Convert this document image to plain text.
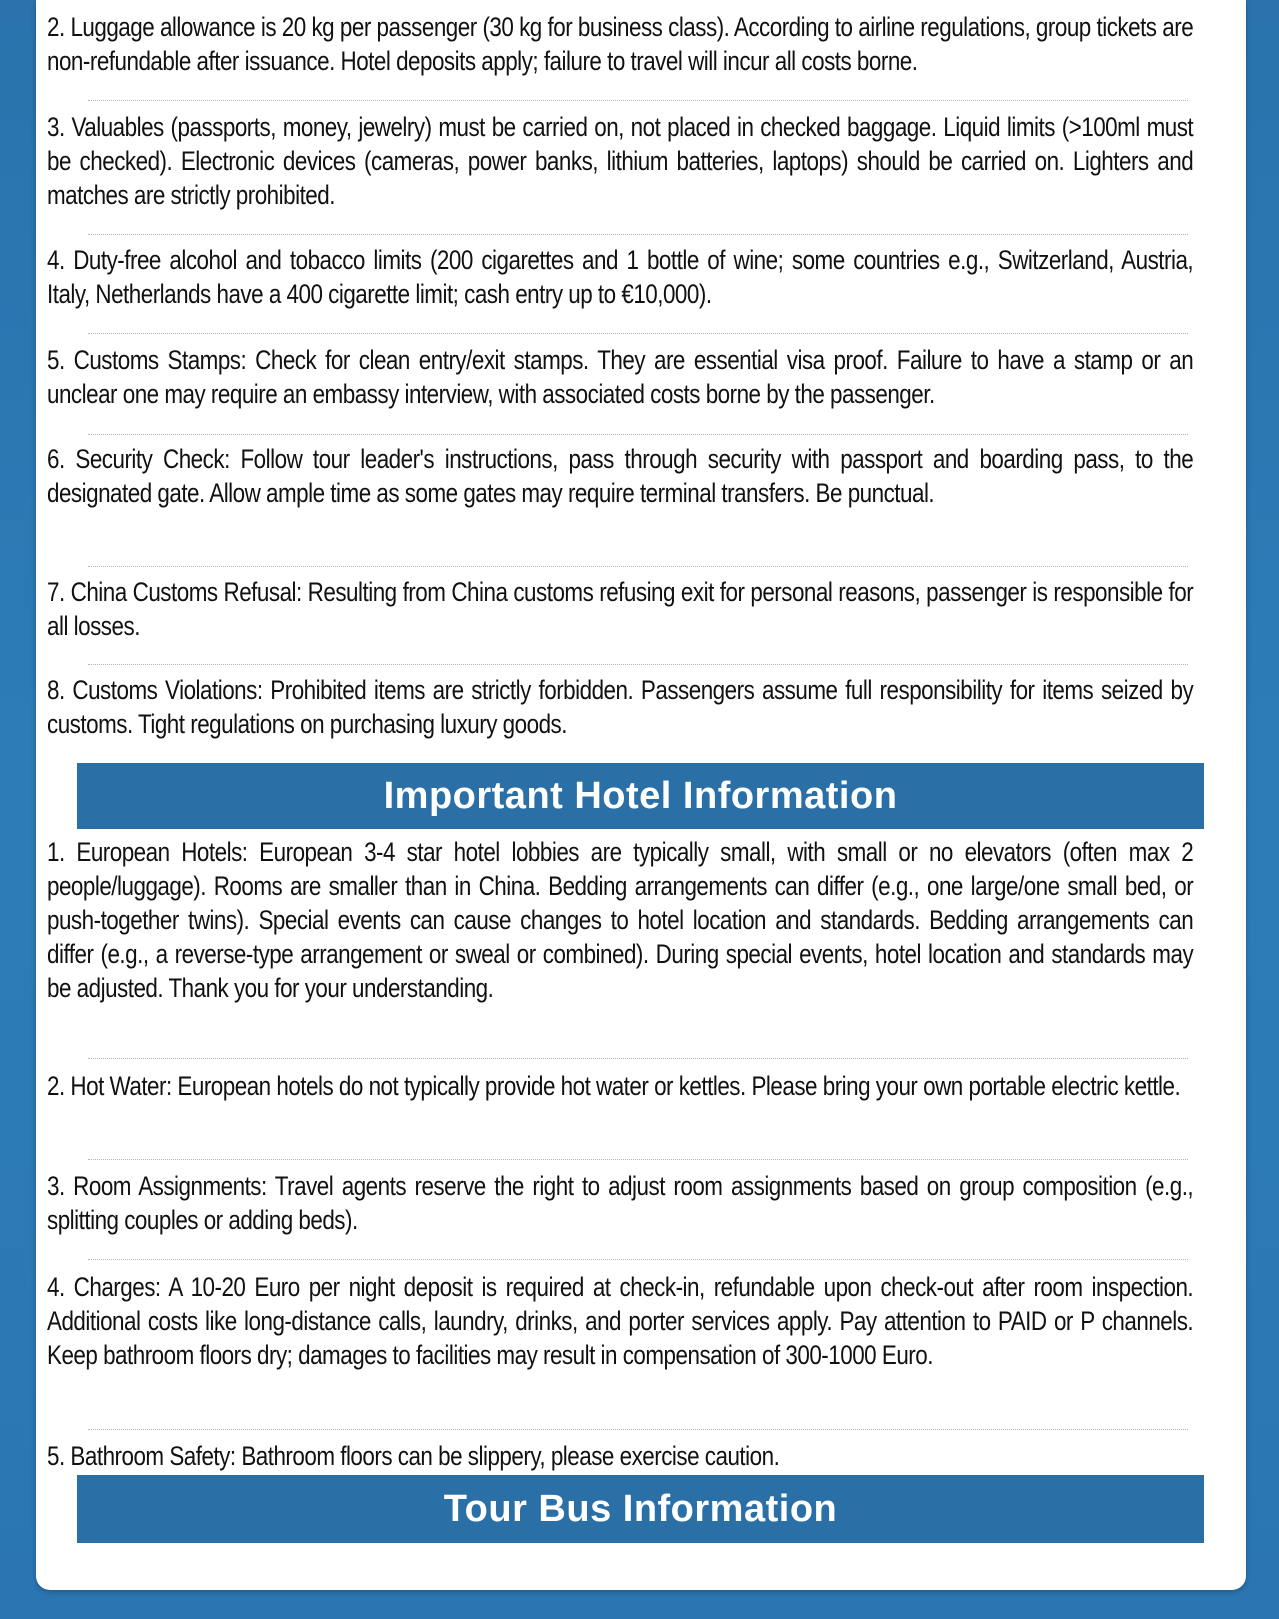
2. Luggage allowance is 20 kg per passenger (30 kg for business class). According to airline regulations, group tickets are non-refundable after issuance. Hotel deposits apply; failure to travel will incur all costs borne.
3. Valuables (passports, money, jewelry) must be carried on, not placed in checked baggage. Liquid limits (>100ml must be checked). Electronic devices (cameras, power banks, lithium batteries, laptops) should be carried on. Lighters and matches are strictly prohibited.
4. Duty-free alcohol and tobacco limits (200 cigarettes and 1 bottle of wine; some countries e.g., Switzerland, Austria, Italy, Netherlands have a 400 cigarette limit; cash entry up to €10,000).
5. Customs Stamps: Check for clean entry/exit stamps. They are essential visa proof. Failure to have a stamp or an unclear one may require an embassy interview, with associated costs borne by the passenger.
6. Security Check: Follow tour leader's instructions, pass through security with passport and boarding pass, to the designated gate. Allow ample time as some gates may require terminal transfers. Be punctual.
7. China Customs Refusal: Resulting from China customs refusing exit for personal reasons, passenger is responsible for all losses.
8. Customs Violations: Prohibited items are strictly forbidden. Passengers assume full responsibility for items seized by customs. Tight regulations on purchasing luxury goods.
Important Hotel Information
1. European Hotels: European 3-4 star hotel lobbies are typically small, with small or no elevators (often max 2 people/luggage). Rooms are smaller than in China. Bedding arrangements can differ (e.g., one large/one small bed, or push-together twins). Special events can cause changes to hotel location and standards. Bedding arrangements can differ (e.g., a reverse-type arrangement or sweal or combined). During special events, hotel location and standards may be adjusted. Thank you for your understanding.
2. Hot Water: European hotels do not typically provide hot water or kettles. Please bring your own portable electric kettle.
3. Room Assignments: Travel agents reserve the right to adjust room assignments based on group composition (e.g., splitting couples or adding beds).
4. Charges: A 10-20 Euro per night deposit is required at check-in, refundable upon check-out after room inspection. Additional costs like long-distance calls, laundry, drinks, and porter services apply. Pay attention to PAID or P channels. Keep bathroom floors dry; damages to facilities may result in compensation of 300-1000 Euro.
5. Bathroom Safety: Bathroom floors can be slippery, please exercise caution.
Tour Bus Information
